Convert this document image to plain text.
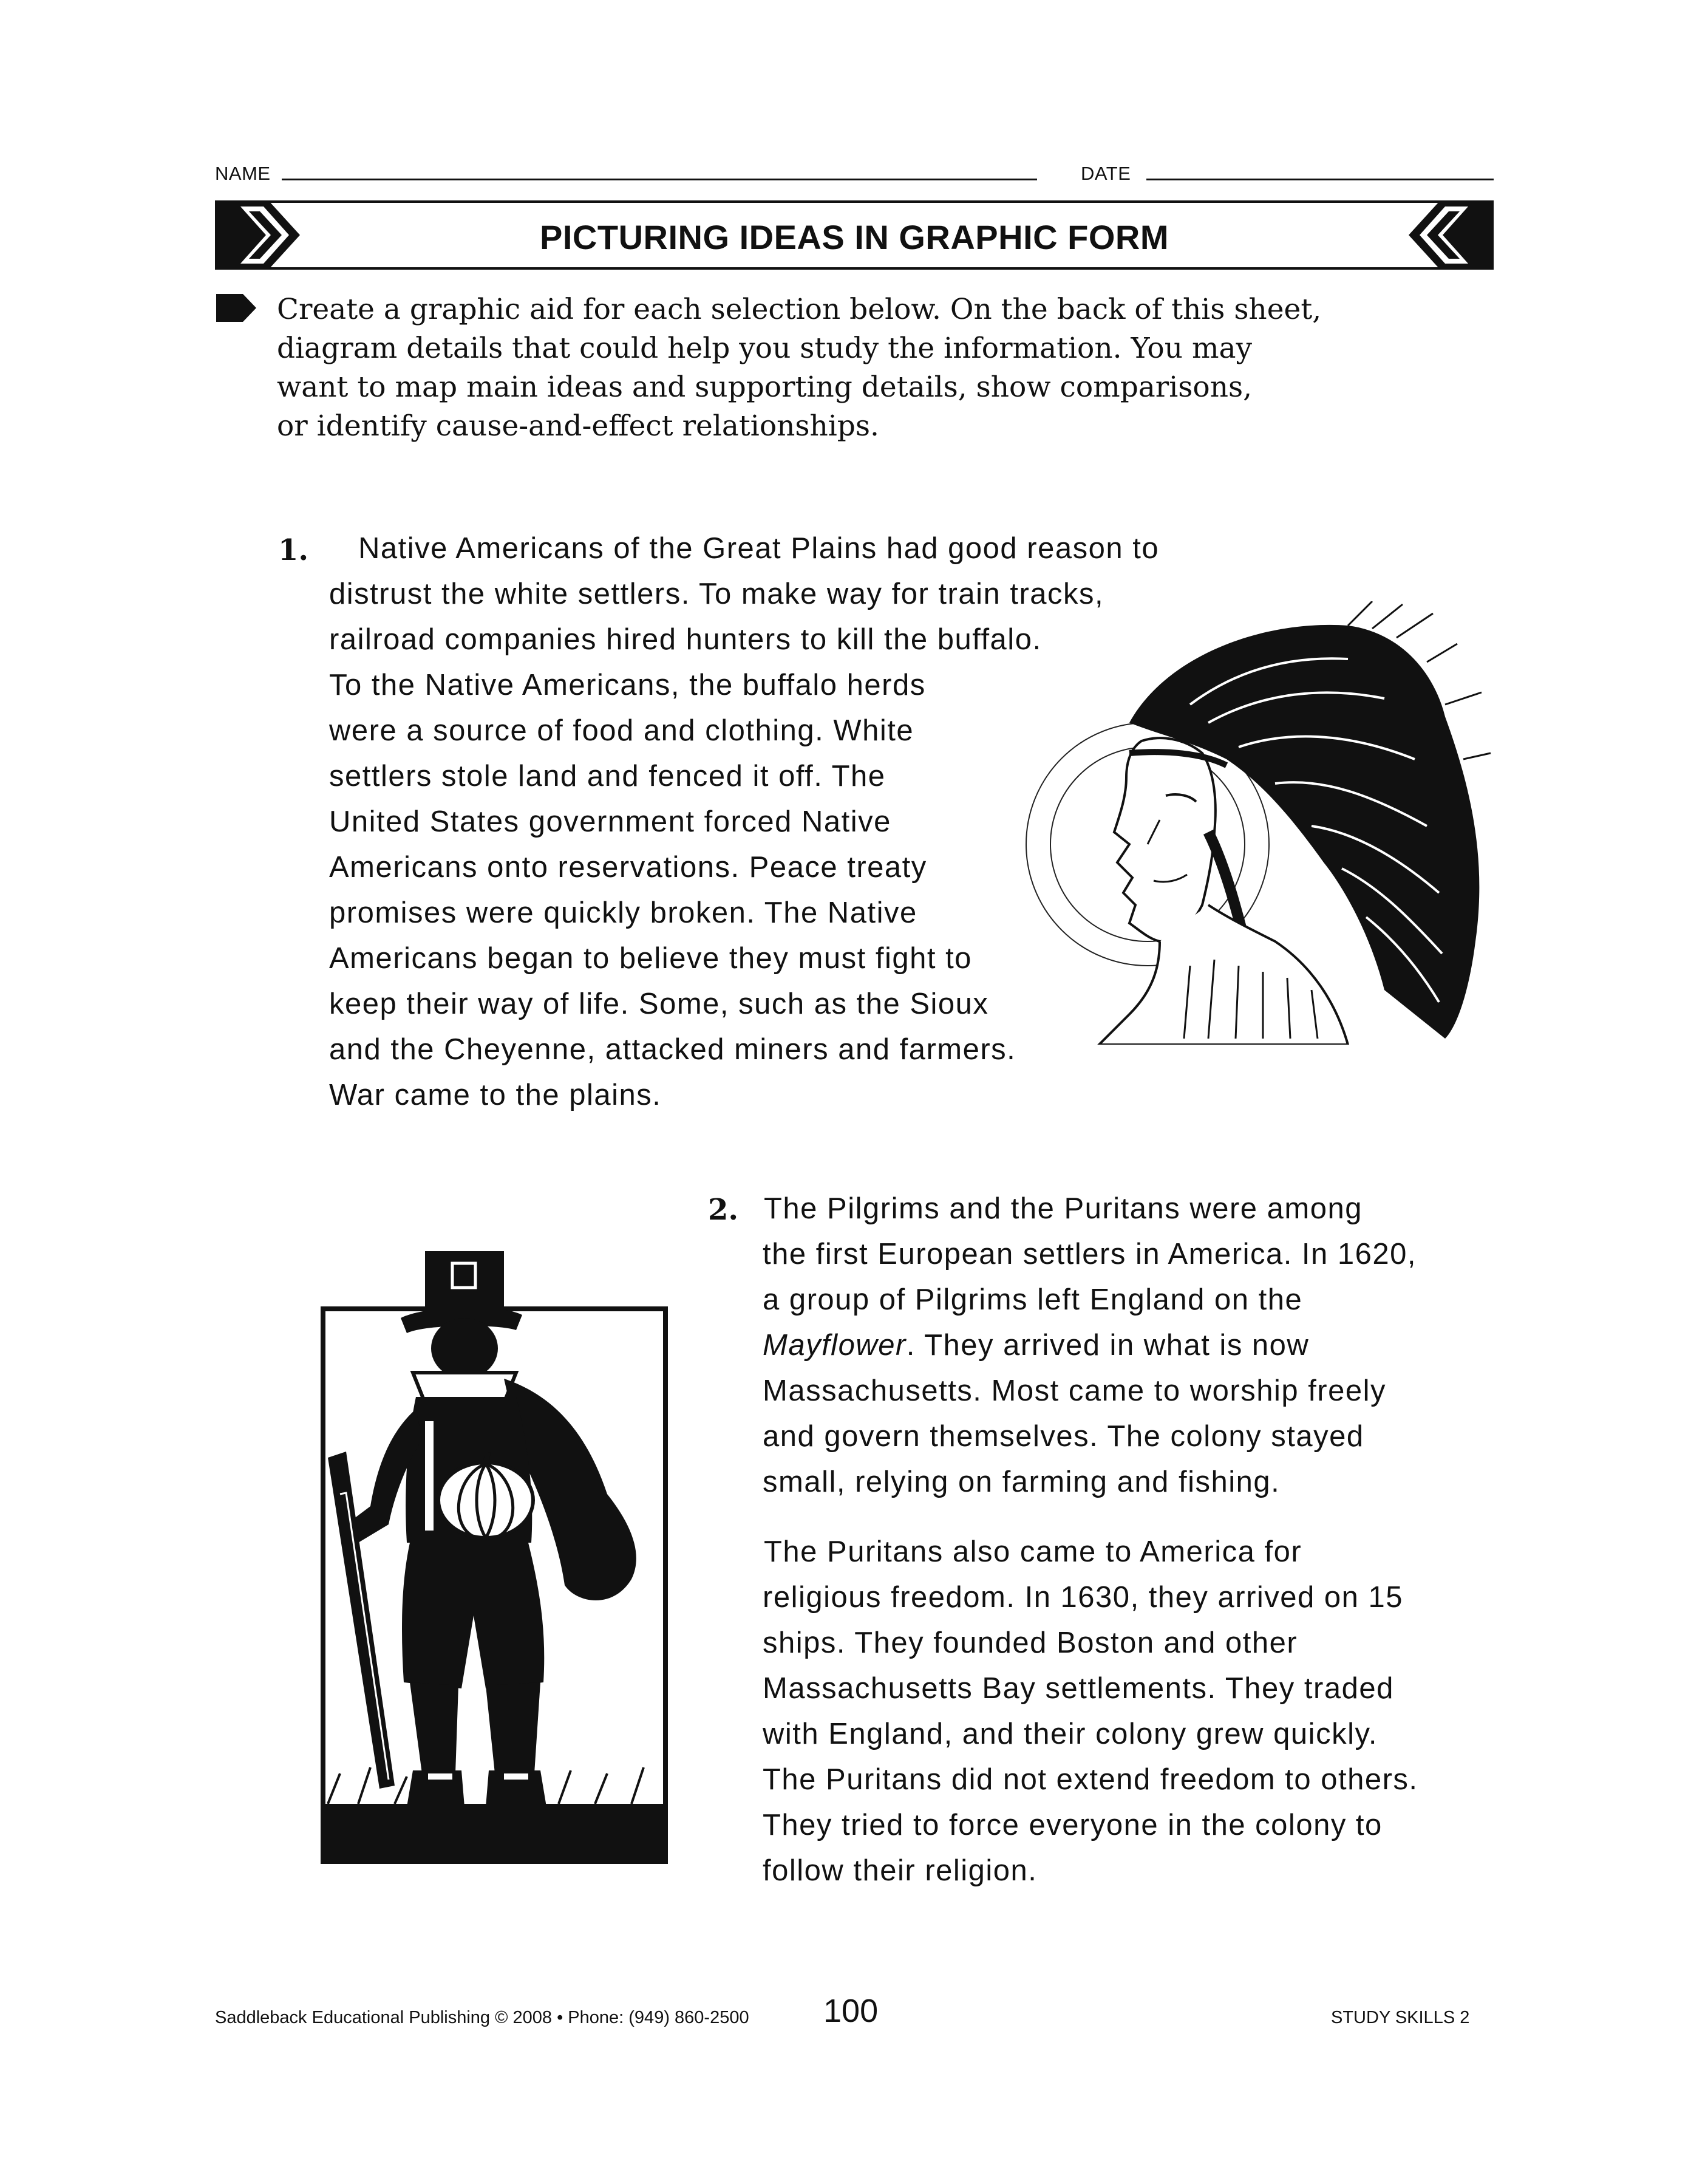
NAME	DATE
PICTURING IDEAS IN GRAPHIC FORM
Create a graphic aid for each selection below. On the back of this sheet,
diagram details that could help you study the information. You may
want to map main ideas and supporting details, show comparisons,
or identify cause-and-effect relationships.
1. Native Americans of the Great Plains had good reason to
distrust the white settlers. To make way for train tracks,
railroad companies hired hunters to kill the buffalo.
To the Native Americans, the buffalo herds
were a source of food and clothing. White
settlers stole land and fenced it off. The
United States government forced Native
Americans onto reservations. Peace treaty
promises were quickly broken. The Native
Americans began to believe they must fight to
keep their way of life. Some, such as the Sioux
and the Cheyenne, attacked miners and farmers.
War came to the plains.
2. The Pilgrims and the Puritans were among
the first European settlers in America. In 1620,
a group of Pilgrims left England on the
Mayflower. They arrived in what is now
Massachusetts. Most came to worship freely
and govern themselves. The colony stayed
small, relying on farming and fishing.
The Puritans also came to America for
religious freedom. In 1630, they arrived on 15
ships. They founded Boston and other
Massachusetts Bay settlements. They traded
with England, and their colony grew quickly.
The Puritans did not extend freedom to others.
They tried to force everyone in the colony to
follow their religion.
Saddleback Educational Publishing © 2008 • Phone: (949) 860-2500 100	STUDY SKILLS 2
